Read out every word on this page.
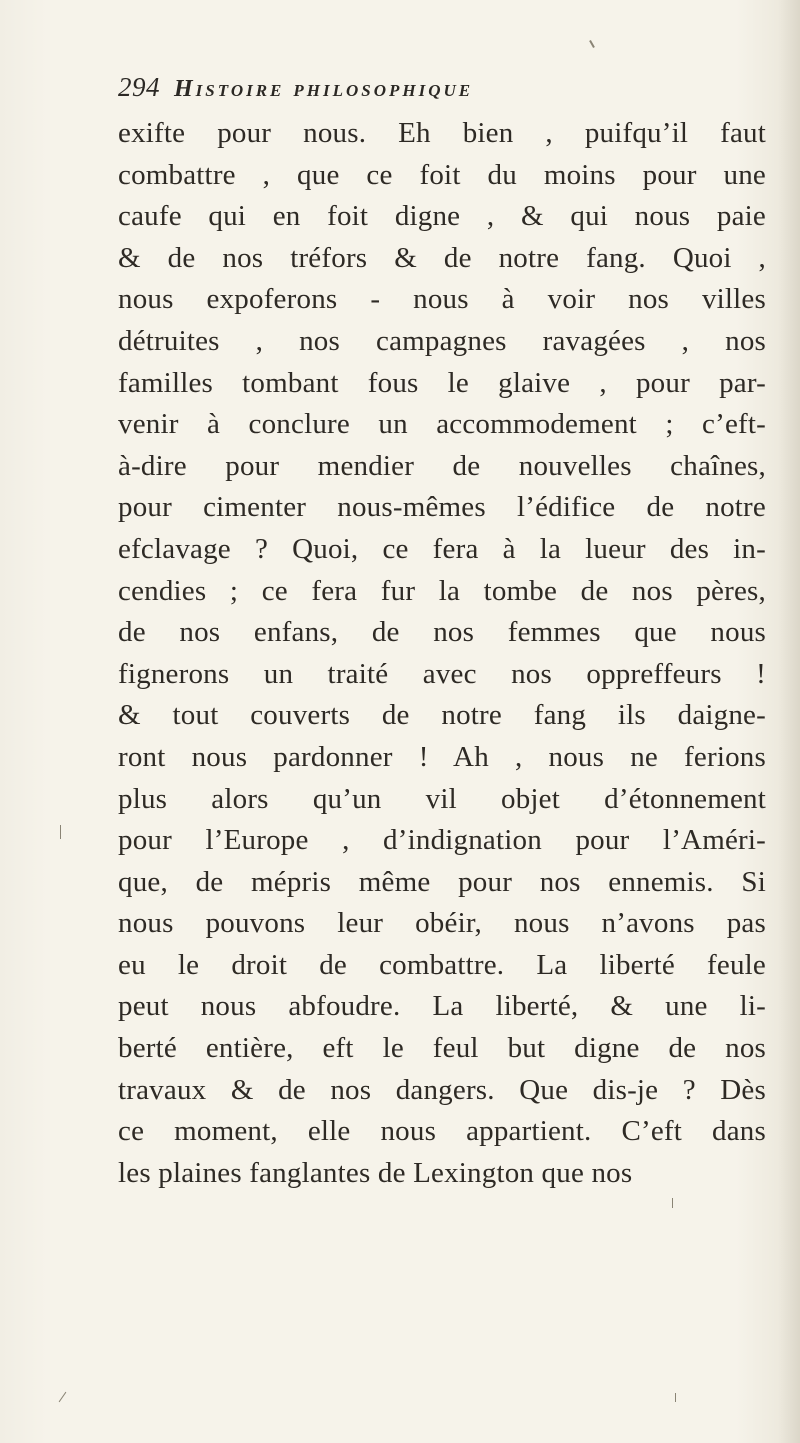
294 Histoire philosophique
exifte pour nous. Eh bien , puifqu’il faut
combattre , que ce foit du moins pour une
caufe qui en foit digne , & qui nous paie
& de nos tréfors & de notre fang. Quoi ,
nous expoferons - nous à voir nos villes
détruites , nos campagnes ravagées , nos
familles tombant fous le glaive , pour par-
venir à conclure un accommodement ; c’eft-
à-dire pour mendier de nouvelles chaînes,
pour cimenter nous-mêmes l’édifice de notre
efclavage ? Quoi, ce fera à la lueur des in-
cendies ; ce fera fur la tombe de nos pères,
de nos enfans, de nos femmes que nous
fignerons un traité avec nos oppreffeurs !
& tout couverts de notre fang ils daigne-
ront nous pardonner ! Ah , nous ne ferions
plus alors qu’un vil objet d’étonnement
pour l’Europe , d’indignation pour l’Améri-
que, de mépris même pour nos ennemis. Si
nous pouvons leur obéir, nous n’avons pas
eu le droit de combattre. La liberté feule
peut nous abfoudre. La liberté, & une li-
berté entière, eft le feul but digne de nos
travaux & de nos dangers. Que dis-je ? Dès
ce moment, elle nous appartient. C’eft dans
les plaines fanglantes de Lexington que nos
